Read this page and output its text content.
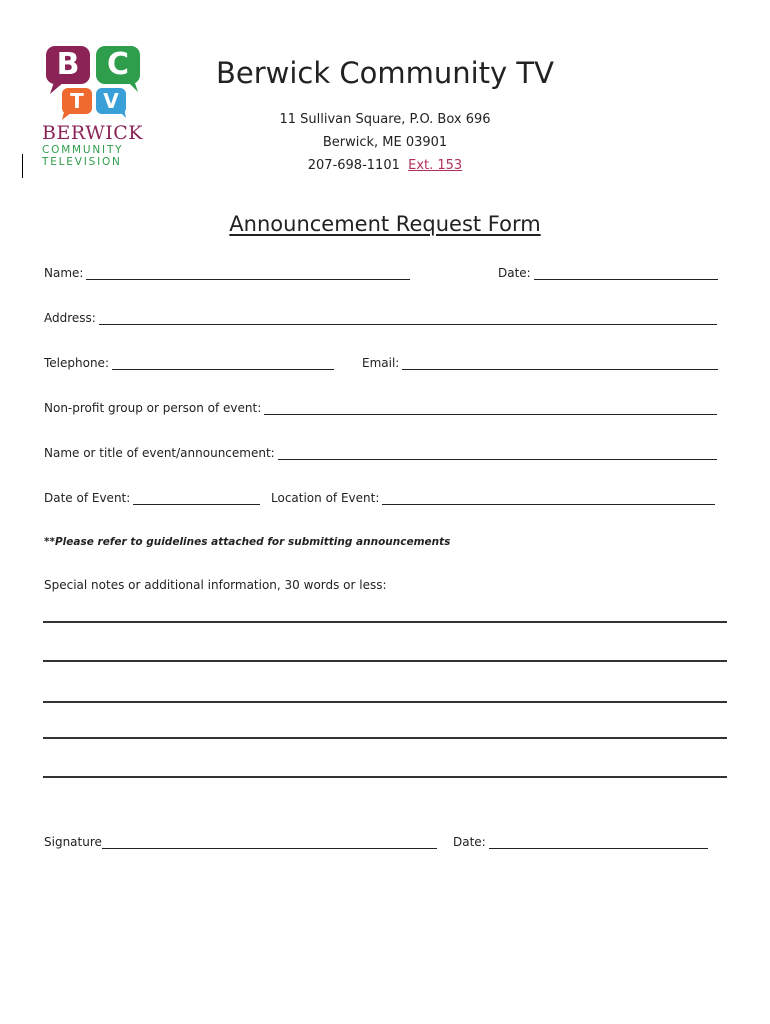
B C
T V
BERWICK
COMMUNITY
TELEVISION
Berwick Community TV
11 Sullivan Square, P.O. Box 696
Berwick, ME 03901
207-698-1101 Ext. 153
Announcement Request Form
Name:	Date:
Address:
Telephone:	Email:
Non-profit group or person of event:
Name or title of event/announcement:
Date of Event:	Location of Event:
**Please refer to guidelines attached for submitting announcements
Special notes or additional information, 30 words or less:
Signature	Date:
